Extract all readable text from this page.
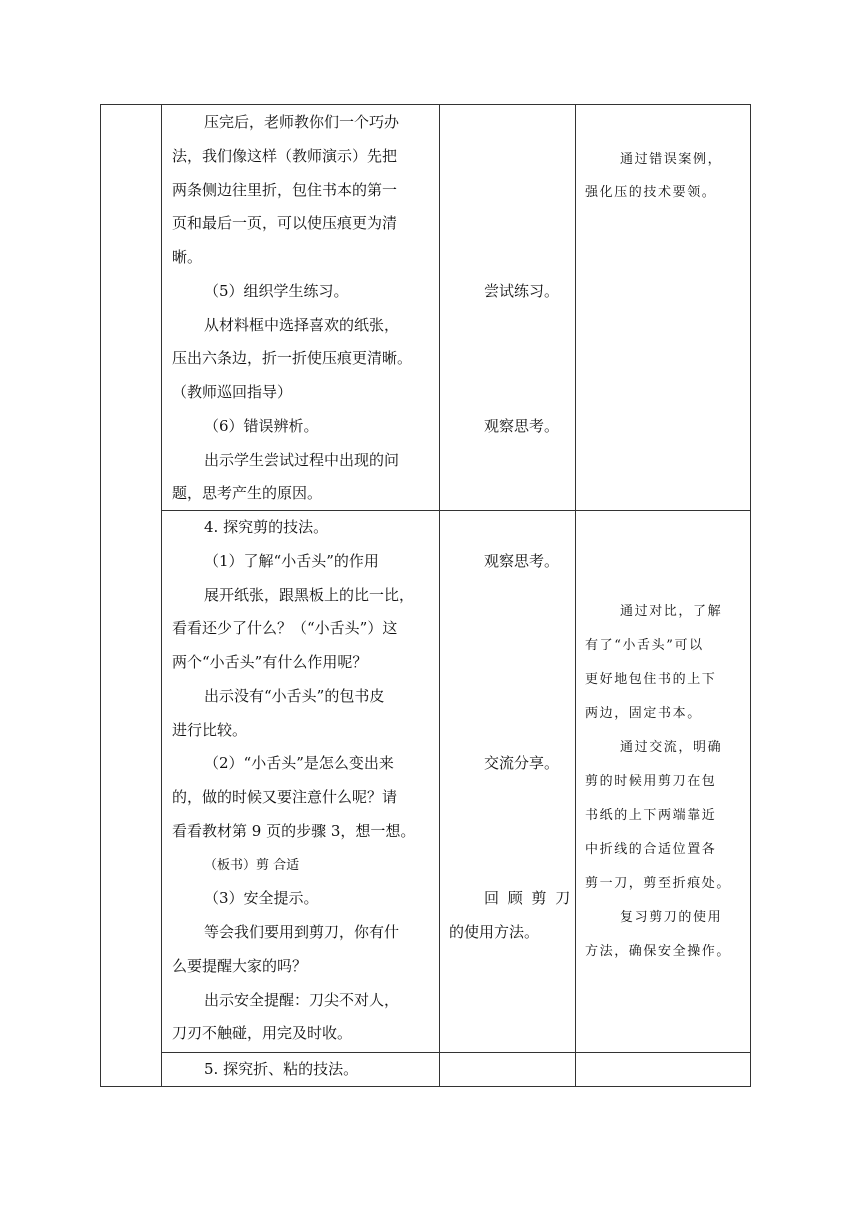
压完后，老师教你们一个巧办
法，我们像这样（教师演示）先把
两条侧边往里折，包住书本的第一
页和最后一页，可以使压痕更为清
晰。
（5）组织学生练习。
从材料框中选择喜欢的纸张，
压出六条边，折一折使压痕更清晰。
（教师巡回指导）
（6）错误辨析。
出示学生尝试过程中出现的问
题，思考产生的原因。
尝试练习。
观察思考。
通过错误案例，
强化压的技术要领。
4. 探究剪的技法。
（1）了解“小舌头”的作用
展开纸张，跟黑板上的比一比，
看看还少了什么？（“小舌头”）这
两个“小舌头”有什么作用呢？
出示没有“小舌头”的包书皮
进行比较。
（2）“小舌头”是怎么变出来
的，做的时候又要注意什么呢？请
看看教材第 9 页的步骤 3，想一想。
（板书）剪 合适
（3）安全提示。
等会我们要用到剪刀，你有什
么要提醒大家的吗？
出示安全提醒：刀尖不对人，
刀刃不触碰，用完及时收。
观察思考。
交流分享。
回 顾 剪 刀
的使用方法。
通过对比，了解
有了“小舌头”可以
更好地包住书的上下
两边，固定书本。
通过交流，明确
剪的时候用剪刀在包
书纸的上下两端靠近
中折线的合适位置各
剪一刀，剪至折痕处。
复习剪刀的使用
方法，确保安全操作。
5. 探究折、粘的技法。
